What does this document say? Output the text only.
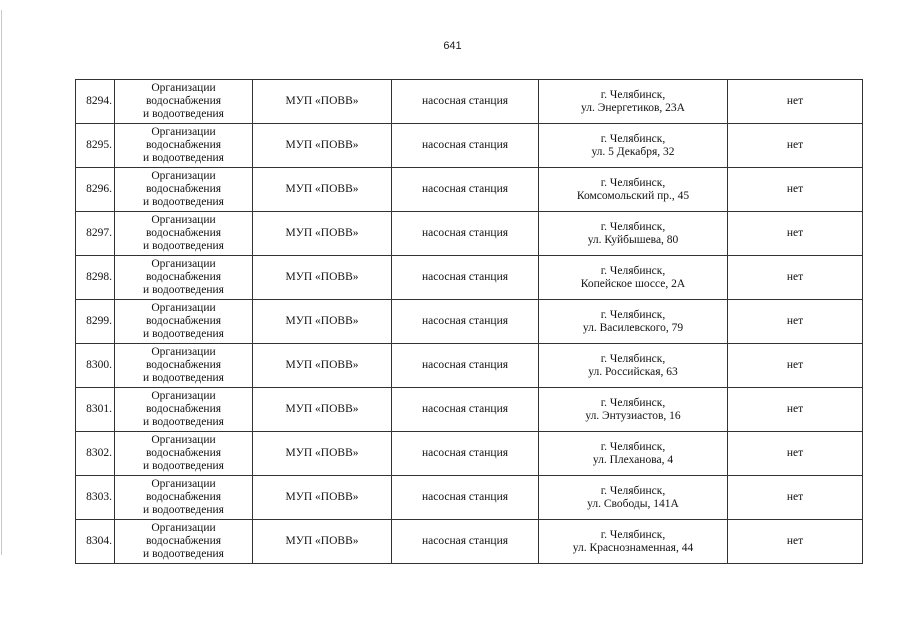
641
8294.	Организации
водоснабжения
и водоотведения	МУП «ПОВВ»	насосная станция	г. Челябинск,
ул. Энергетиков, 23А	нет
8295.	Организации
водоснабжения
и водоотведения	МУП «ПОВВ»	насосная станция	г. Челябинск,
ул. 5 Декабря, 32	нет
8296.	Организации
водоснабжения
и водоотведения	МУП «ПОВВ»	насосная станция	г. Челябинск,
Комсомольский пр., 45	нет
8297.	Организации
водоснабжения
и водоотведения	МУП «ПОВВ»	насосная станция	г. Челябинск,
ул. Куйбышева, 80	нет
8298.	Организации
водоснабжения
и водоотведения	МУП «ПОВВ»	насосная станция	г. Челябинск,
Копейское шоссе, 2А	нет
8299.	Организации
водоснабжения
и водоотведения	МУП «ПОВВ»	насосная станция	г. Челябинск,
ул. Василевского, 79	нет
8300.	Организации
водоснабжения
и водоотведения	МУП «ПОВВ»	насосная станция	г. Челябинск,
ул. Российская, 63	нет
8301.	Организации
водоснабжения
и водоотведения	МУП «ПОВВ»	насосная станция	г. Челябинск,
ул. Энтузиастов, 16	нет
8302.	Организации
водоснабжения
и водоотведения	МУП «ПОВВ»	насосная станция	г. Челябинск,
ул. Плеханова, 4	нет
8303.	Организации
водоснабжения
и водоотведения	МУП «ПОВВ»	насосная станция	г. Челябинск,
ул. Свободы, 141А	нет
8304.	Организации
водоснабжения
и водоотведения	МУП «ПОВВ»	насосная станция	г. Челябинск,
ул. Краснознаменная, 44	нет
